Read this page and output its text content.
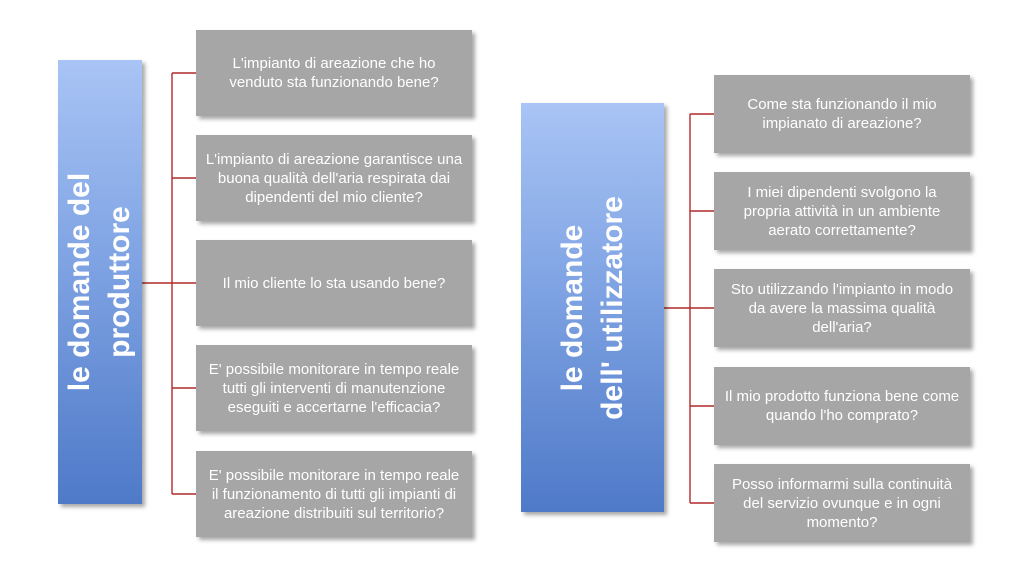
le domande del produttore
L'impianto di areazione che ho venduto sta funzionando bene?
L'impianto di areazione garantisce una buona qualità dell'aria respirata dai dipendenti del mio cliente?
Il mio cliente lo sta usando bene?
E' possibile monitorare in tempo reale tutti gli interventi di manutenzione eseguiti e accertarne l'efficacia?
E' possibile monitorare in tempo reale il funzionamento di tutti gli impianti di areazione distribuiti sul territorio?
le domande dell' utilizzatore
Come sta funzionando il mio impianato di areazione?
I miei dipendenti svolgono la propria attività in un ambiente aerato correttamente?
Sto utilizzando l'impianto in modo da avere la massima qualità dell'aria?
Il mio prodotto funziona bene come quando l'ho comprato?
Posso informarmi sulla continuità del servizio ovunque e in ogni momento?
